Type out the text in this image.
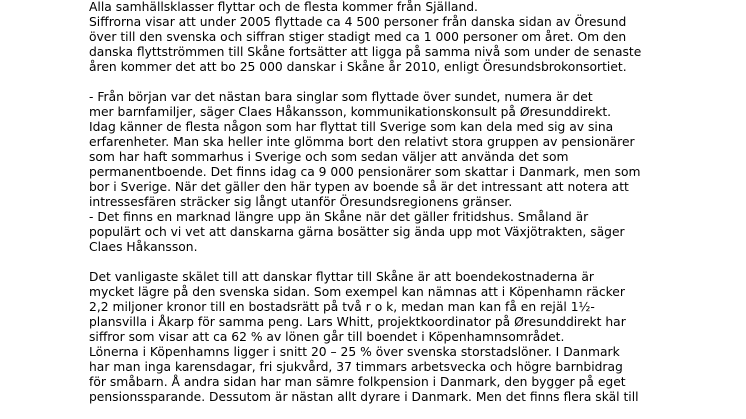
Alla samhällsklasser flyttar och de flesta kommer från Själland.
Siffrorna visar att under 2005 flyttade ca 4 500 personer från danska sidan av Öresund
över till den svenska och siffran stiger stadigt med ca 1 000 personer om året. Om den
danska flyttströmmen till Skåne fortsätter att ligga på samma nivå som under de senaste
åren kommer det att bo 25 000 danskar i Skåne år 2010, enligt Öresundsbrokonsortiet.
- Från början var det nästan bara singlar som flyttade över sundet, numera är det
mer barnfamiljer, säger Claes Håkansson, kommunikationskonsult på Øresunddirekt.
Idag känner de flesta någon som har flyttat till Sverige som kan dela med sig av sina
erfarenheter. Man ska heller inte glömma bort den relativt stora gruppen av pensionärer
som har haft sommarhus i Sverige och som sedan väljer att använda det som
permanentboende. Det finns idag ca 9 000 pensionärer som skattar i Danmark, men som
bor i Sverige. När det gäller den här typen av boende så är det intressant att notera att
intressesfären sträcker sig långt utanför Öresundsregionens gränser.
- Det finns en marknad längre upp än Skåne när det gäller fritidshus. Småland är
populärt och vi vet att danskarna gärna bosätter sig ända upp mot Växjötrakten, säger
Claes Håkansson.
Det vanligaste skälet till att danskar flyttar till Skåne är att boendekostnaderna är
mycket lägre på den svenska sidan. Som exempel kan nämnas att i Köpenhamn räcker
2,2 miljoner kronor till en bostadsrätt på två r o k, medan man kan få en rejäl 1½-
plansvilla i Åkarp för samma peng. Lars Whitt, projektkoordinator på Øresunddirekt har
siffror som visar att ca 62 % av lönen går till boendet i Köpenhamnsområdet.
Lönerna i Köpenhamns ligger i snitt 20 – 25 % över svenska storstadslöner. I Danmark
har man inga karensdagar, fri sjukvård, 37 timmars arbetsvecka och högre barnbidrag
för småbarn. Å andra sidan har man sämre folkpension i Danmark, den bygger på eget
pensionssparande. Dessutom är nästan allt dyrare i Danmark. Men det finns flera skäl till
